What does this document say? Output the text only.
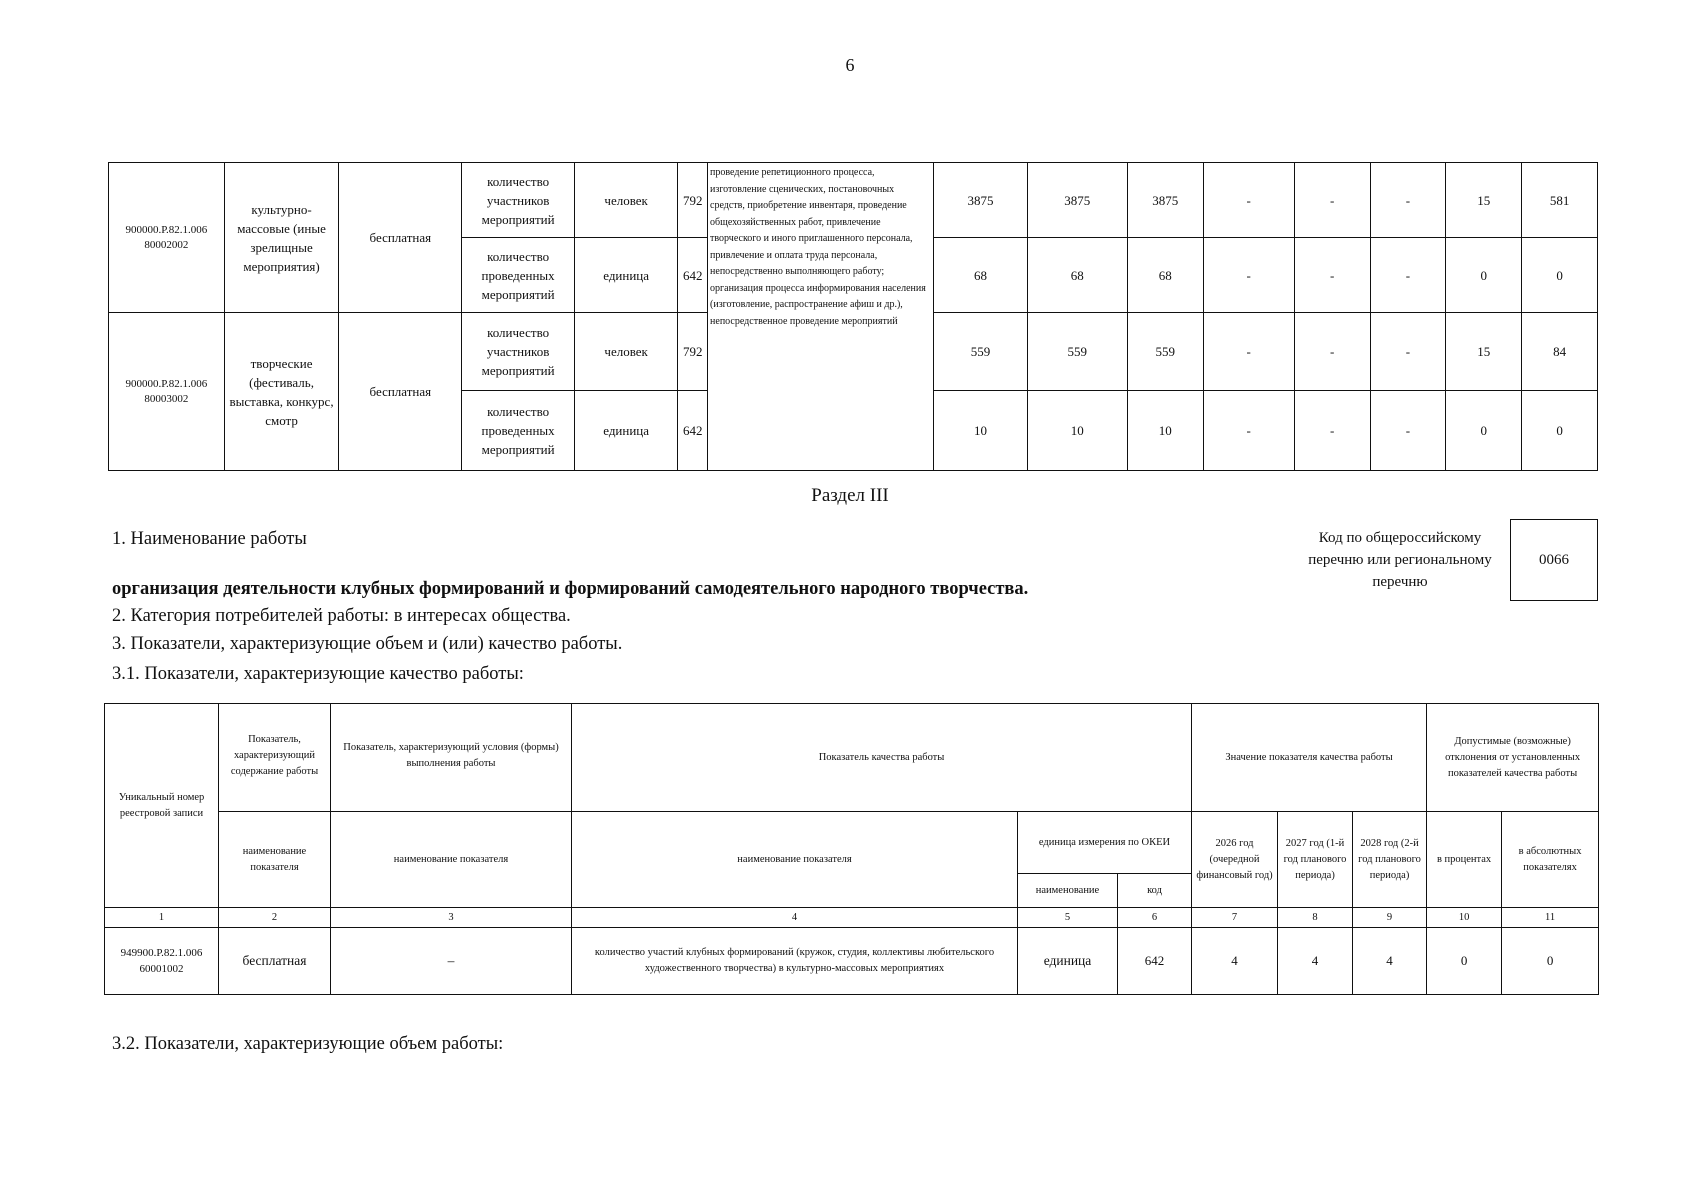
6
900000.Р.82.1.006 80002002	культурно-массовые (иные зрелищные мероприятия)	бесплатная	количество участников мероприятий	человек	792	проведение репетиционного процесса, изготовление сценических, постановочных средств, приобретение инвентаря, проведение общехозяйственных работ, привлечение творческого и иного приглашенного персонала, привлечение и оплата труда персонала, непосредственно выполняющего работу; организация процесса информирования населения (изготовление, распространение афиш и др.), непосредственное проведение мероприятий	3875	3875	3875	-	-	-	15	581
			количество проведенных мероприятий	единица	642		68	68	68	-	-	-	0	0
900000.Р.82.1.006 80003002	творческие (фестиваль, выставка, конкурс, смотр	бесплатная	количество участников мероприятий	человек	792		559	559	559	-	-	-	15	84
			количество проведенных мероприятий	единица	642		10	10	10	-	-	-	0	0
Раздел III
1. Наименование работы
организация деятельности клубных формирований и формирований самодеятельного народного творчества.
Код по общероссийскому
перечню или региональному
перечню
0066
2. Категория потребителей работы: в интересах общества.
3. Показатели, характеризующие объем и (или) качество работы.
3.1. Показатели, характеризующие качество работы:
Уникальный номер реестровой записи	Показатель, характеризующий содержание работы	Показатель, характеризующий условия (формы) выполнения работы	Показатель качества работы			Значение показателя качества работы			Допустимые (возможные) отклонения от установленных показателей качества работы	
	наименование показателя	наименование показателя	наименование показателя	единица измерения по ОКЕИ		2026 год (очередной финансовый год)	2027 год (1-й год планового периода)	2028 год (2-й год планового периода)	в процентах	в абсолютных показателях
				наименование	код					
1	2	3	4	5	6	7	8	9	10	11
949900.Р.82.1.006 60001002	бесплатная	–	количество участий клубных формирований (кружок, студия, коллективы любительского художественного творчества) в культурно-массовых мероприятиях	единица	642	4	4	4	0	0
3.2. Показатели, характеризующие объем работы:
